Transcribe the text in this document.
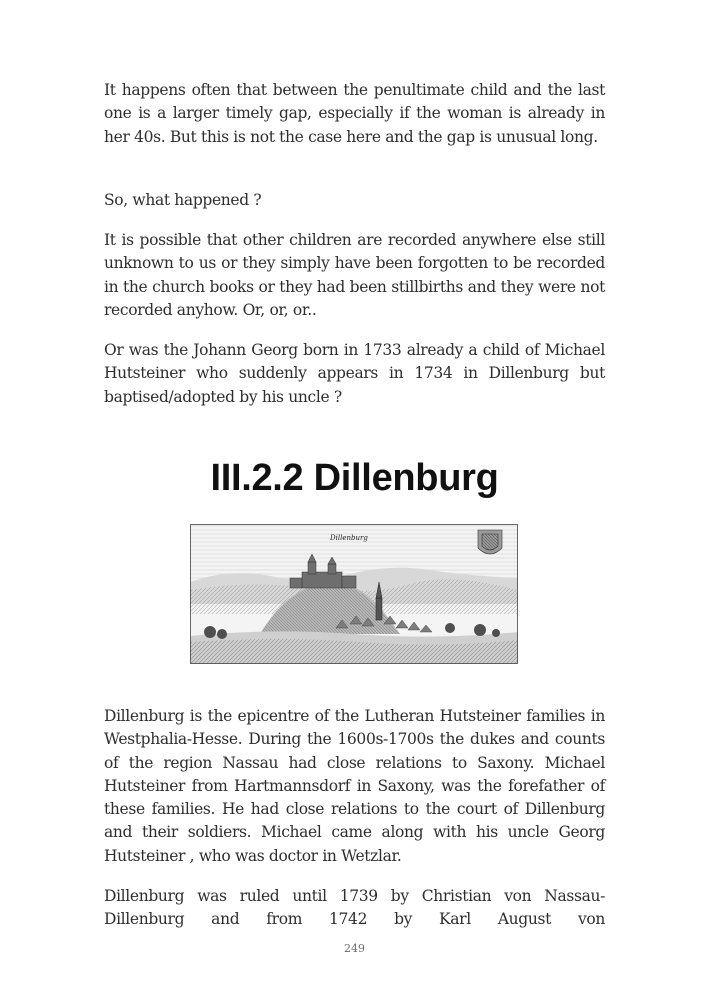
It happens often that between the penultimate child and the last one is a larger timely gap, especially if the woman is already in her 40s. But this is not the case here and the gap is unusual long.

So, what happened ?

It is possible that other children are recorded anywhere else still unknown to us or they simply have been forgotten to be recorded in the church books or they had been stillbirths and they were not recorded anyhow. Or, or, or..

Or was the Johann Georg born in 1733 already a child of Michael Hutsteiner who suddenly appears in 1734 in Dillenburg but baptised/adopted by his uncle ?

III.2.2 Dillenburg
Dillenburg

Dillenburg is the epicentre of the Lutheran Hutsteiner families in Westphalia-Hesse. During the 1600s-1700s the dukes and counts of the region Nassau had close relations to Saxony. Michael Hutsteiner from Hartmannsdorf in Saxony, was the forefather of these families. He had close relations to the court of Dillenburg and their soldiers. Michael came along with his uncle Georg Hutsteiner , who was doctor in Wetzlar.

Dillenburg was ruled until 1739 by Christian von Nassau-Dillenburg and from 1742 by Karl August von

249
